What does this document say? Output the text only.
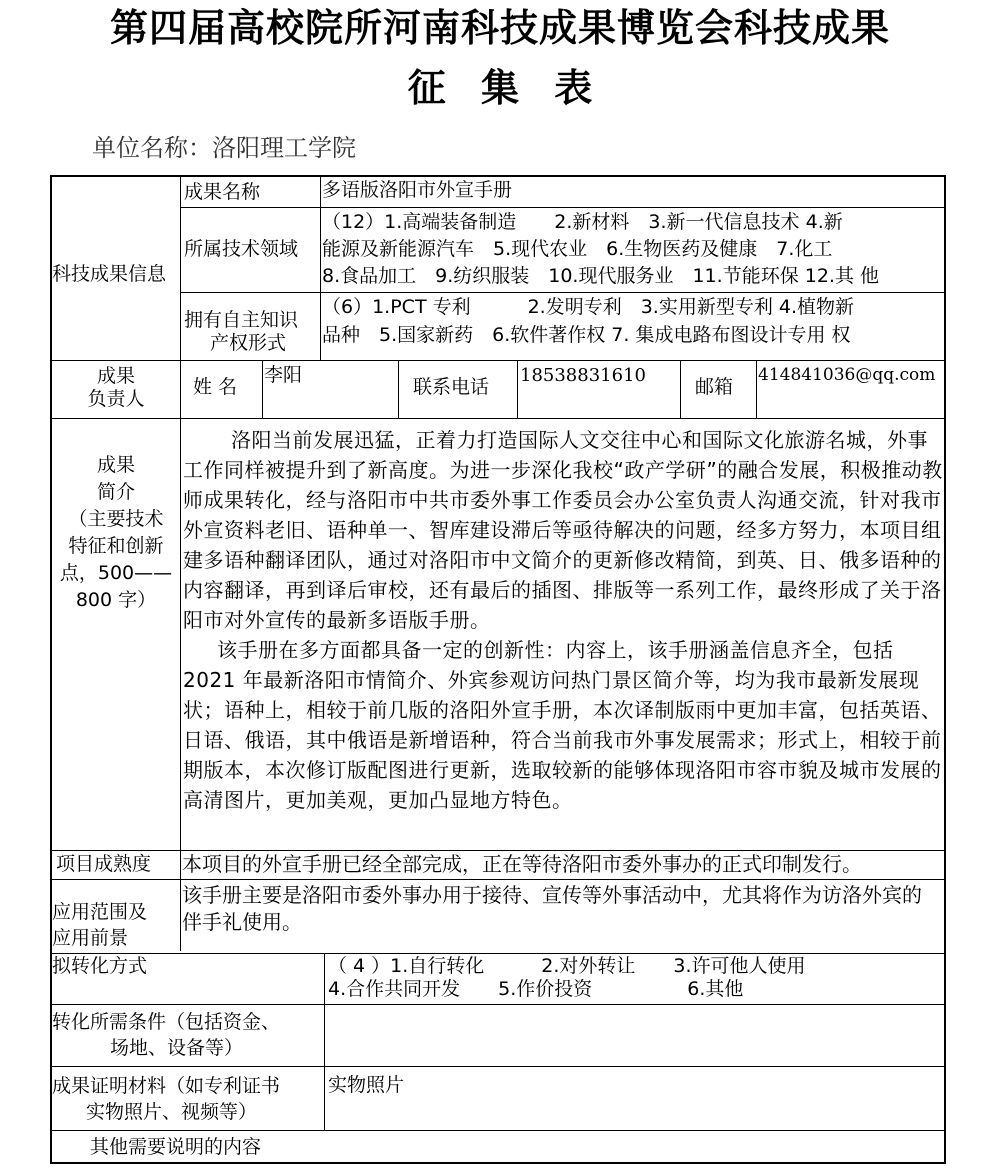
第四届高校院所河南科技成果博览会科技成果
征 集 表
单位名称：洛阳理工学院
科技成果信息
成果名称	多语版洛阳市外宣手册
所属技术领域
（12）1.高端装备制造　　2.新材料　3.新一代信息技术 4.新
能源及新能源汽车　5.现代农业　6.生物医药及健康　7.化工
8.食品加工　9.纺织服装　10.现代服务业　11.节能环保 12.其 他
拥有自主知识
产权形式
（6）1.PCT 专利　　　2.发明专利　3.实用新型专利 4.植物新
品种　5.国家新药　6.软件著作权 7. 集成电路布图设计专用 权
成果
负责人
姓 名
李阳
联系电话
18538831610
邮箱
414841036@qq.com
成果
简介
（主要技术
特征和创新
点，500——
800 字）

洛阳当前发展迅猛，正着力打造国际人文交往中心和国际文化旅游名城，外事工作同样被提升到了新高度。为进一步深化我校“政产学研”的融合发展，积极推动教师成果转化，经与洛阳市中共市委外事工作委员会办公室负责人沟通交流，针对我市外宣资料老旧、语种单一、智库建设滞后等亟待解决的问题，经多方努力，本项目组建多语种翻译团队，通过对洛阳市中文简介的更新修改精简，到英、日、俄多语种的内容翻译，再到译后审校，还有最后的插图、排版等一系列工作，最终形成了关于洛阳市对外宣传的最新多语版手册。

该手册在多方面都具备一定的创新性：内容上，该手册涵盖信息齐全，包括 2021 年最新洛阳市情简介、外宾参观访问热门景区简介等，均为我市最新发展现状；语种上，相较于前几版的洛阳外宣手册，本次译制版雨中更加丰富，包括英语、日语、俄语，其中俄语是新增语种，符合当前我市外事发展需求；形式上，相较于前期版本，本次修订版配图进行更新，选取较新的能够体现洛阳市容市貌及城市发展的高清图片，更加美观，更加凸显地方特色。

项目成熟度 本项目的外宣手册已经全部完成，正在等待洛阳市委外事办的正式印制发行。
应用范围及
应用前景
该手册主要是洛阳市委外事办用于接待、宣传等外事活动中，尤其将作为访洛外宾的伴手礼使用。
拟转化方式	（ 4 ）1.自行转化　　　2.对外转让　　3.许可他人使用
4.合作共同开发　　5.作价投资　　　　　6.其他
转化所需条件（包括资金、
场地、设备等）
成果证明材料（如专利证书
实物照片、视频等）
实物照片
其他需要说明的内容
